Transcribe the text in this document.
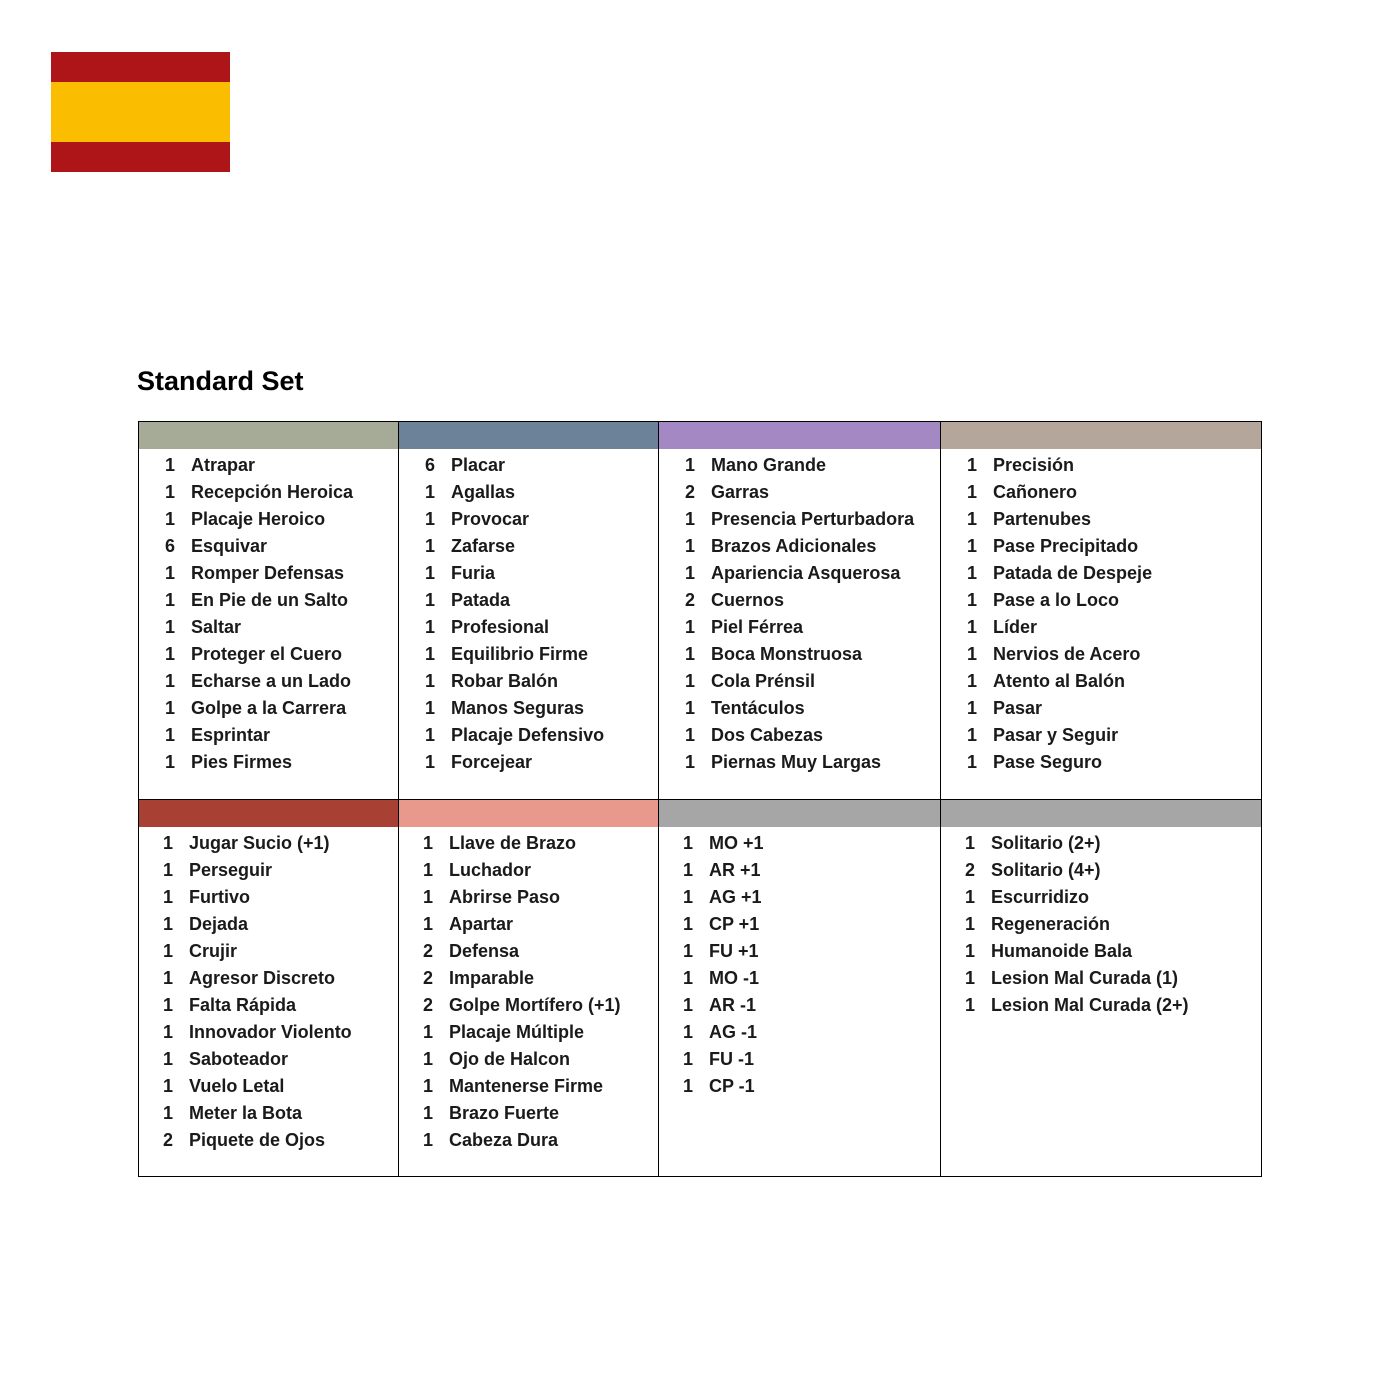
Standard Set
1 Atrapar
1 Recepción Heroica
1 Placaje Heroico
6 Esquivar
1 Romper Defensas
1 En Pie de un Salto
1 Saltar
1 Proteger el Cuero
1 Echarse a un Lado
1 Golpe a la Carrera
1 Esprintar
1 Pies Firmes
6 Placar
1 Agallas
1 Provocar
1 Zafarse
1 Furia
1 Patada
1 Profesional
1 Equilibrio Firme
1 Robar Balón
1 Manos Seguras
1 Placaje Defensivo
1 Forcejear
1 Mano Grande
2 Garras
1 Presencia Perturbadora
1 Brazos Adicionales
1 Apariencia Asquerosa
2 Cuernos
1 Piel Férrea
1 Boca Monstruosa
1 Cola Prénsil
1 Tentáculos
1 Dos Cabezas
1 Piernas Muy Largas
1 Precisión
1 Cañonero
1 Partenubes
1 Pase Precipitado
1 Patada de Despeje
1 Pase a lo Loco
1 Líder
1 Nervios de Acero
1 Atento al Balón
1 Pasar
1 Pasar y Seguir
1 Pase Seguro
1 Jugar Sucio (+1)
1 Perseguir
1 Furtivo
1 Dejada
1 Crujir
1 Agresor Discreto
1 Falta Rápida
1 Innovador Violento
1 Saboteador
1 Vuelo Letal
1 Meter la Bota
2 Piquete de Ojos
1 Llave de Brazo
1 Luchador
1 Abrirse Paso
1 Apartar
2 Defensa
2 Imparable
2 Golpe Mortífero (+1)
1 Placaje Múltiple
1 Ojo de Halcon
1 Mantenerse Firme
1 Brazo Fuerte
1 Cabeza Dura
1 MO +1
1 AR +1
1 AG +1
1 CP +1
1 FU +1
1 MO -1
1 AR -1
1 AG -1
1 FU -1
1 CP -1
1 Solitario (2+)
2 Solitario (4+)
1 Escurridizo
1 Regeneración
1 Humanoide Bala
1 Lesion Mal Curada (1)
1 Lesion Mal Curada (2+)
